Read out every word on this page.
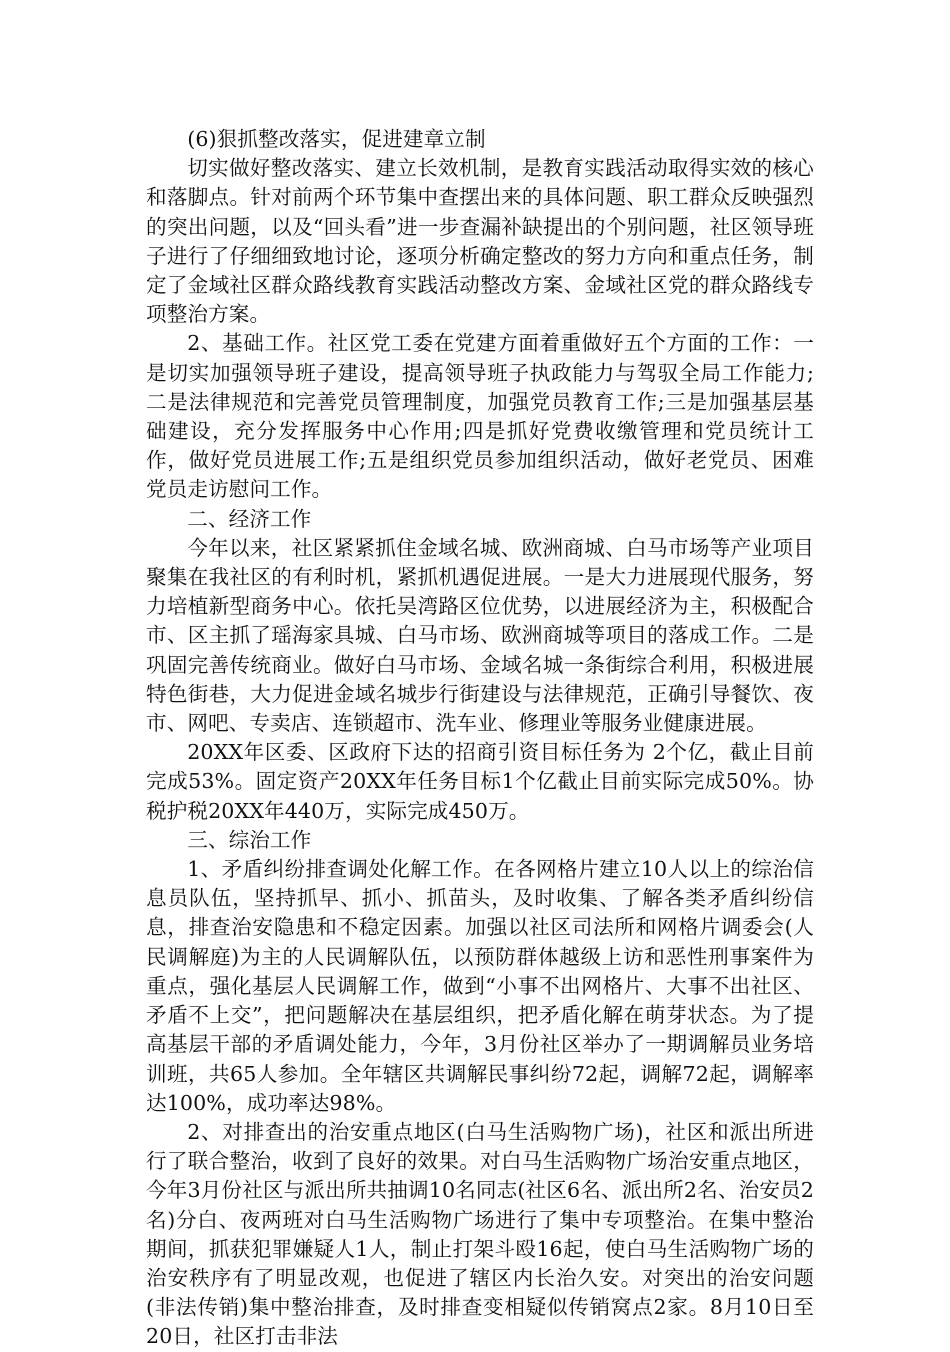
(6)狠抓整改落实，促进建章立制

切实做好整改落实、建立长效机制，是教育实践活动取得实效的核心和落脚点。针对前两个环节集中查摆出来的具体问题、职工群众反映强烈的突出问题，以及“回头看”进一步查漏补缺提出的个别问题，社区领导班子进行了仔细细致地讨论，逐项分析确定整改的努力方向和重点任务，制定了金域社区群众路线教育实践活动整改方案、金域社区党的群众路线专项整治方案。

2、基础工作。社区党工委在党建方面着重做好五个方面的工作：一是切实加强领导班子建设，提高领导班子执政能力与驾驭全局工作能力;二是法律规范和完善党员管理制度，加强党员教育工作;三是加强基层基础建设，充分发挥服务中心作用;四是抓好党费收缴管理和党员统计工作，做好党员进展工作;五是组织党员参加组织活动，做好老党员、困难党员走访慰问工作。

二、经济工作

今年以来，社区紧紧抓住金域名城、欧洲商城、白马市场等产业项目聚集在我社区的有利时机，紧抓机遇促进展。一是大力进展现代服务，努力培植新型商务中心。依托吴湾路区位优势，以进展经济为主，积极配合市、区主抓了瑶海家具城、白马市场、欧洲商城等项目的落成工作。二是巩固完善传统商业。做好白马市场、金域名城一条街综合利用，积极进展特色街巷，大力促进金域名城步行街建设与法律规范，正确引导餐饮、夜市、网吧、专卖店、连锁超市、洗车业、修理业等服务业健康进展。

20XX年区委、区政府下达的招商引资目标任务为 2个亿，截止目前完成53%。固定资产20XX年任务目标1个亿截止目前实际完成50%。协税护税20XX年440万，实际完成450万。

三、综治工作

1、矛盾纠纷排查调处化解工作。在各网格片建立10人以上的综治信息员队伍，坚持抓早、抓小、抓苗头，及时收集、了解各类矛盾纠纷信息，排查治安隐患和不稳定因素。加强以社区司法所和网格片调委会(人民调解庭)为主的人民调解队伍，以预防群体越级上访和恶性刑事案件为重点，强化基层人民调解工作，做到“小事不出网格片、大事不出社区、矛盾不上交”，把问题解决在基层组织，把矛盾化解在萌芽状态。为了提高基层干部的矛盾调处能力，今年，3月份社区举办了一期调解员业务培训班，共65人参加。全年辖区共调解民事纠纷72起，调解72起，调解率达100%，成功率达98%。

2、对排查出的治安重点地区(白马生活购物广场)，社区和派出所进行了联合整治，收到了良好的效果。对白马生活购物广场治安重点地区，今年3月份社区与派出所共抽调10名同志(社区6名、派出所2名、治安员2名)分白、夜两班对白马生活购物广场进行了集中专项整治。在集中整治期间，抓获犯罪嫌疑人1人，制止打架斗殴16起，使白马生活购物广场的治安秩序有了明显改观，也促进了辖区内长治久安。对突出的治安问题(非法传销)集中整治排查，及时排查变相疑似传销窝点2家。8月10日至20日，社区打击非法
